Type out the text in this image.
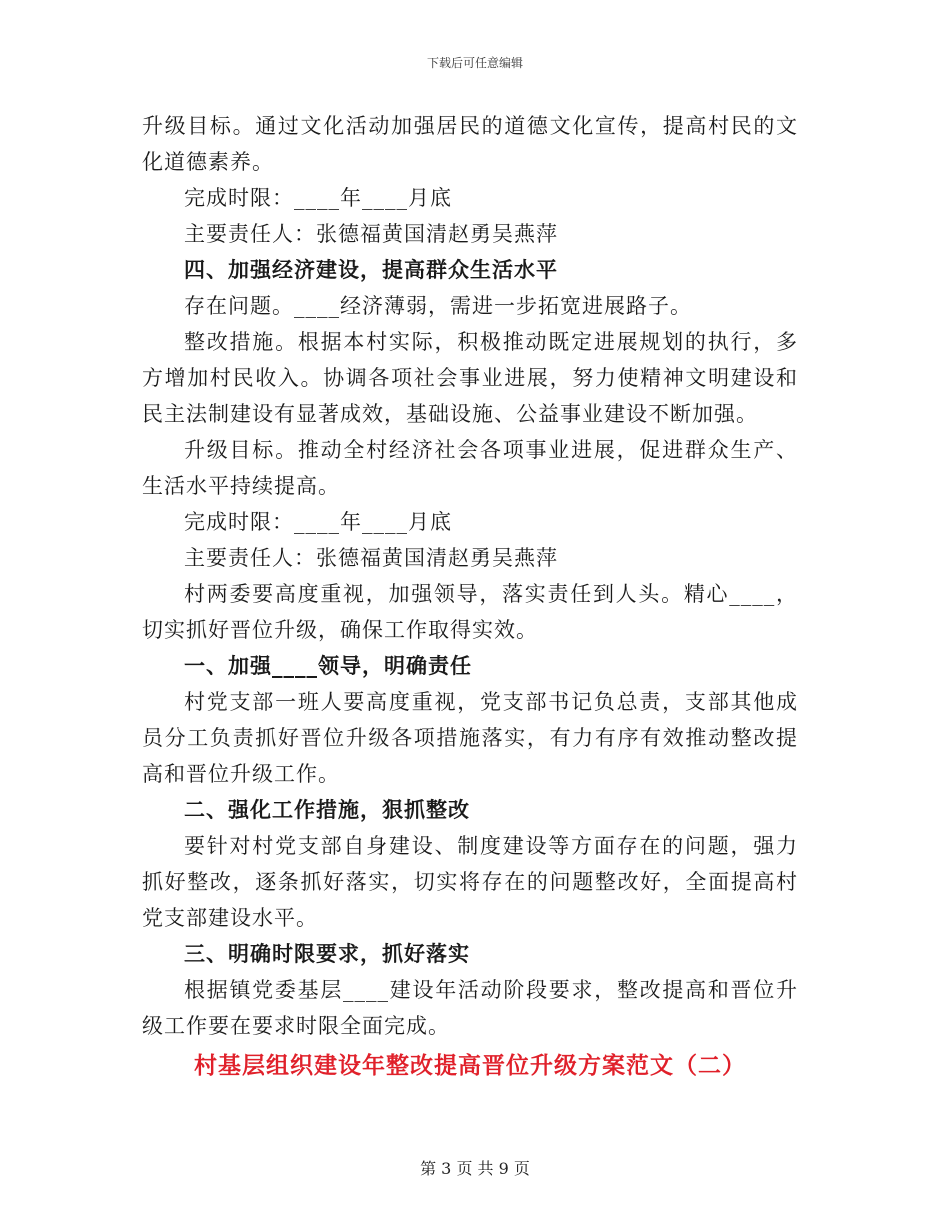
下载后可任意编辑

升级目标。通过文化活动加强居民的道德文化宣传，提高村民的文化道德素养。

完成时限：____年____月底

主要责任人：张德福黄国清赵勇吴燕萍

四、加强经济建设，提高群众生活水平

存在问题。____经济薄弱，需进一步拓宽进展路子。

整改措施。根据本村实际，积极推动既定进展规划的执行，多方增加村民收入。协调各项社会事业进展，努力使精神文明建设和民主法制建设有显著成效，基础设施、公益事业建设不断加强。

升级目标。推动全村经济社会各项事业进展，促进群众生产、生活水平持续提高。

完成时限：____年____月底

主要责任人：张德福黄国清赵勇吴燕萍

村两委要高度重视，加强领导，落实责任到人头。精心____，切实抓好晋位升级，确保工作取得实效。

一、加强____领导，明确责任

村党支部一班人要高度重视，党支部书记负总责，支部其他成员分工负责抓好晋位升级各项措施落实，有力有序有效推动整改提高和晋位升级工作。

二、强化工作措施，狠抓整改

要针对村党支部自身建设、制度建设等方面存在的问题，强力抓好整改，逐条抓好落实，切实将存在的问题整改好，全面提高村党支部建设水平。

三、明确时限要求，抓好落实

根据镇党委基层____建设年活动阶段要求，整改提高和晋位升级工作要在要求时限全面完成。

村基层组织建设年整改提高晋位升级方案范文（二）

第 3 页 共 9 页
